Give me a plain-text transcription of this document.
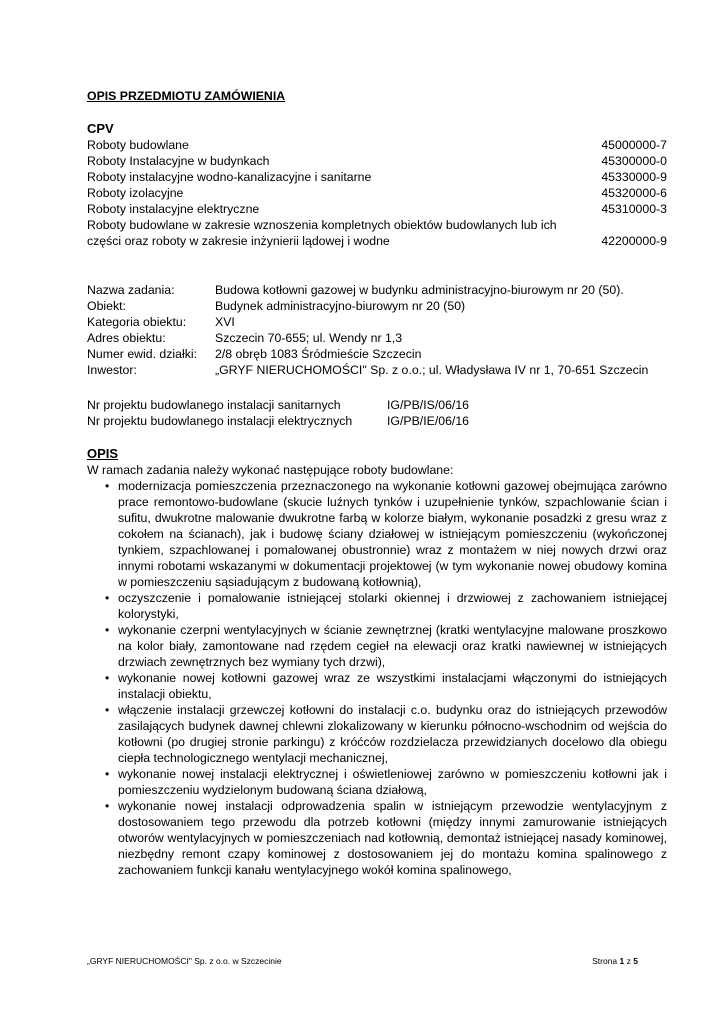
OPIS PRZEDMIOTU ZAMÓWIENIA
CPV
Roboty budowlane	45000000-7
Roboty Instalacyjne w budynkach	45300000-0
Roboty instalacyjne wodno-kanalizacyjne i sanitarne	45330000-9
Roboty izolacyjne	45320000-6
Roboty instalacyjne elektryczne	45310000-3
Roboty budowlane w zakresie wznoszenia kompletnych obiektów budowlanych lub ich części oraz roboty w zakresie inżynierii lądowej i wodne	42200000-9
Nazwa zadania:	Budowa kotłowni gazowej w budynku administracyjno-biurowym nr 20 (50).
Obiekt:	Budynek administracyjno-biurowym nr 20 (50)
Kategoria obiektu: XVI
Adres obiektu:	Szczecin 70-655; ul. Wendy nr 1,3
Numer ewid. działki: 2/8 obręb 1083 Śródmieście Szczecin
Inwestor:	„GRYF NIERUCHOMOŚCI" Sp. z o.o.; ul. Władysława IV nr 1, 70-651 Szczecin
Nr projektu budowlanego instalacji sanitarnych	IG/PB/IS/06/16
Nr projektu budowlanego instalacji elektrycznych	IG/PB/IE/06/16
OPIS
W ramach zadania należy wykonać następujące roboty budowlane:
• modernizacja pomieszczenia przeznaczonego na wykonanie kotłowni gazowej obejmująca zarówno prace remontowo-budowlane (skucie luźnych tynków i uzupełnienie tynków, szpachlowanie ścian i sufitu, dwukrotne malowanie dwukrotne farbą w kolorze białym, wykonanie posadzki z gresu wraz z cokołem na ścianach), jak i budowę ściany działowej w istniejącym pomieszczeniu (wykończonej tynkiem, szpachlowanej i pomalowanej obustronnie) wraz z montażem w niej nowych drzwi oraz innymi robotami wskazanymi w dokumentacji projektowej (w tym wykonanie nowej obudowy komina w pomieszczeniu sąsiadującym z budowaną kotłownią),
• oczyszczenie i pomalowanie istniejącej stolarki okiennej i drzwiowej z zachowaniem istniejącej kolorystyki,
• wykonanie czerpni wentylacyjnych w ścianie zewnętrznej (kratki wentylacyjne malowane proszkowo na kolor biały, zamontowane nad rzędem cegieł na elewacji oraz kratki nawiewnej w istniejących drzwiach zewnętrznych bez wymiany tych drzwi),
• wykonanie nowej kotłowni gazowej wraz ze wszystkimi instalacjami włączonymi do istniejących instalacji obiektu,
• włączenie instalacji grzewczej kotłowni do instalacji c.o. budynku oraz do istniejących przewodów zasilających budynek dawnej chlewni zlokalizowany w kierunku północno-wschodnim od wejścia do kotłowni (po drugiej stronie parkingu) z króćców rozdzielacza przewidzianych docelowo dla obiegu ciepła technologicznego wentylacji mechanicznej,
• wykonanie nowej instalacji elektrycznej i oświetleniowej zarówno w pomieszczeniu kotłowni jak i pomieszczeniu wydzielonym budowaną ściana działową,
• wykonanie nowej instalacji odprowadzenia spalin w istniejącym przewodzie wentylacyjnym z dostosowaniem tego przewodu dla potrzeb kotłowni (między innymi zamurowanie istniejących otworów wentylacyjnych w pomieszczeniach nad kotłownią, demontaż istniejącej nasady kominowej, niezbędny remont czapy kominowej z dostosowaniem jej do montażu komina spalinowego z zachowaniem funkcji kanału wentylacyjnego wokół komina spalinowego,
„GRYF NIERUCHOMOŚCI" Sp. z o.o. w Szczecinie	Strona 1 z 5
